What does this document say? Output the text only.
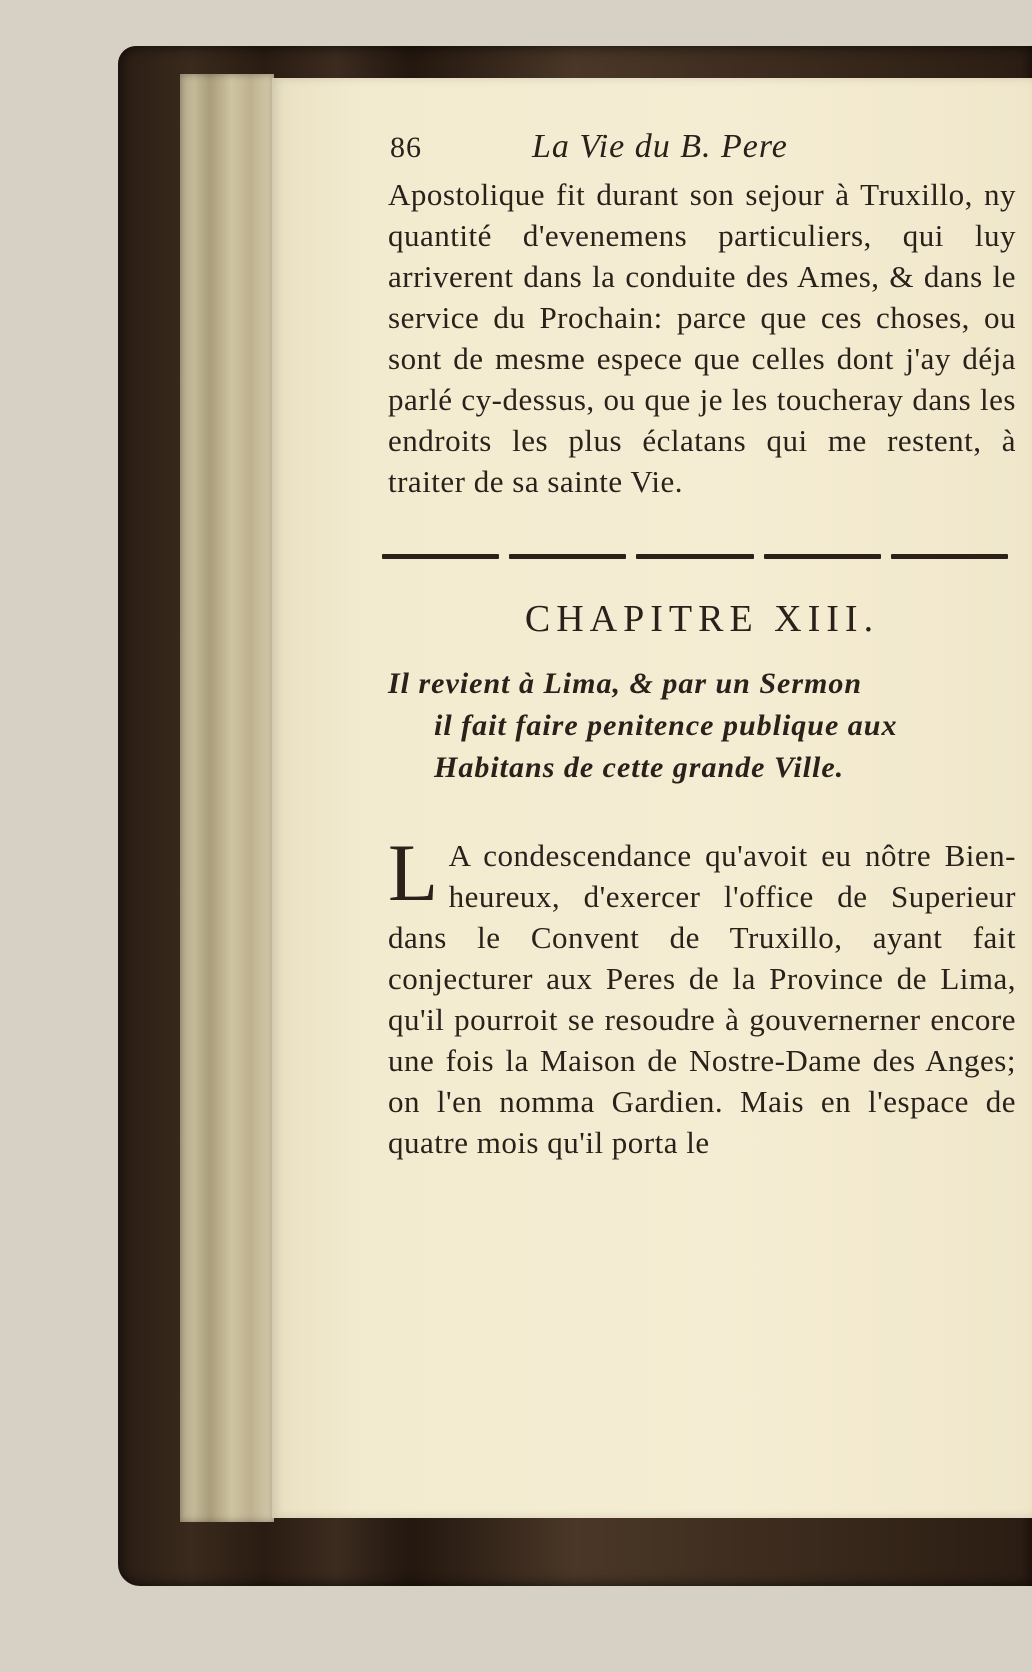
86	La Vie du B. Pere

Apostolique fit durant son sejour à Truxillo, ny quantité d'evenemens particuliers, qui luy arriverent dans la conduite des Ames, & dans le service du Prochain: parce que ces choses, ou sont de mesme espece que celles dont j'ay déja parlé cy-dessus, ou que je les toucheray dans les endroits les plus éclatans qui me restent, à traiter de sa sainte Vie.

CHAPITRE XIII.
Il revient à Lima, & par un Sermon
il fait faire penitence publique aux
Habitans de cette grande Ville.

L A condescendance qu'avoit eu nôtre Bien-heureux, d'exercer l'office de Superieur dans le Convent de Truxillo, ayant fait conjecturer aux Peres de la Province de Lima, qu'il pourroit se resoudre à gouvernerner encore une fois la Maison de Nostre-Dame des Anges; on l'en nomma Gardien. Mais en l'espace de quatre mois qu'il porta le
